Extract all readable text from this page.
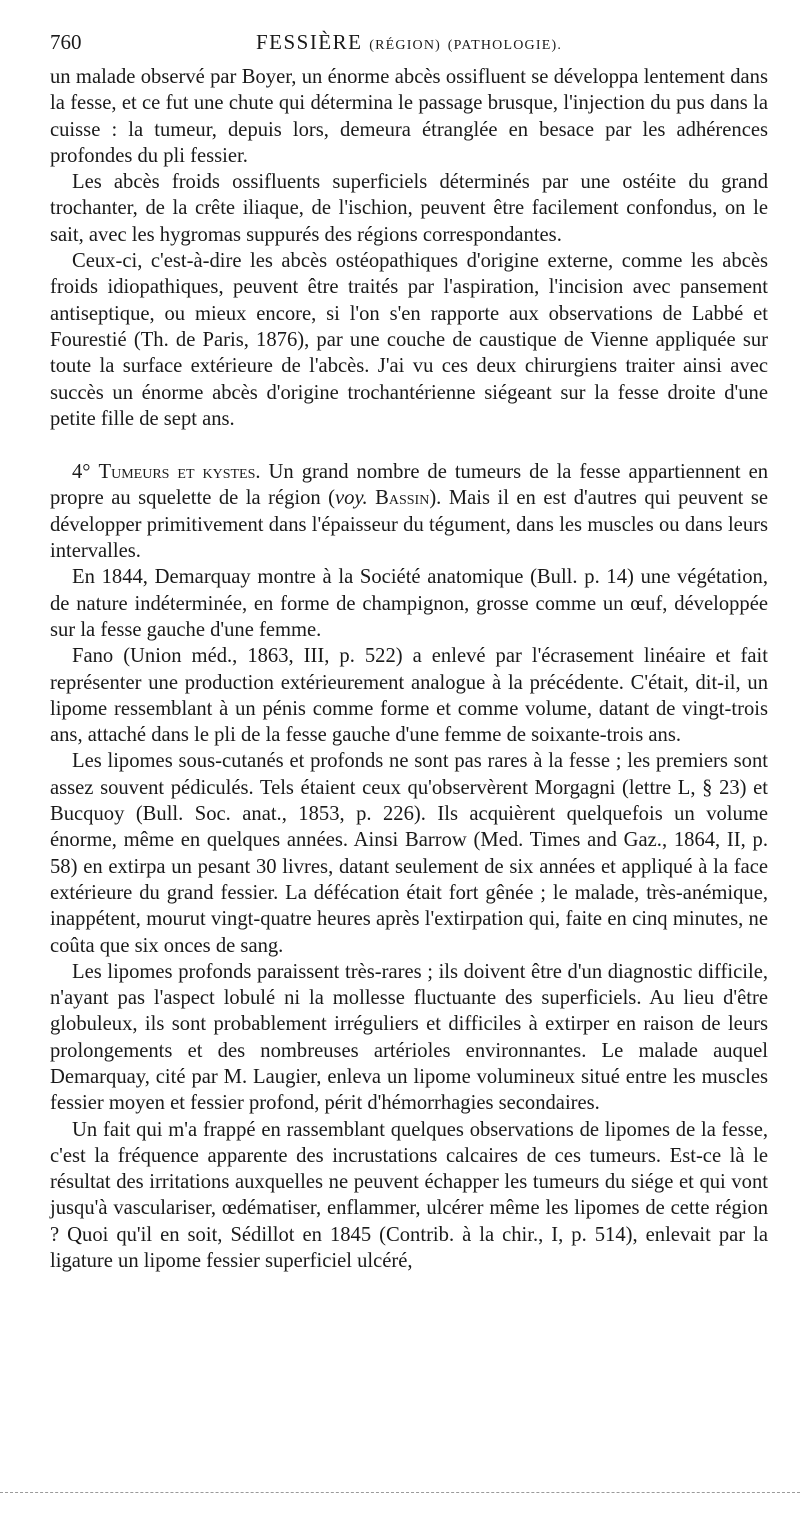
760	FESSIÈRE (RÉGION) (PATHOLOGIE).

un malade observé par Boyer, un énorme abcès ossifluent se développa lentement dans la fesse, et ce fut une chute qui détermina le passage brusque, l'injection du pus dans la cuisse : la tumeur, depuis lors, demeura étranglée en besace par les adhérences profondes du pli fessier.

Les abcès froids ossifluents superficiels déterminés par une ostéite du grand trochanter, de la crête iliaque, de l'ischion, peuvent être facilement confondus, on le sait, avec les hygromas suppurés des régions correspondantes.

Ceux-ci, c'est-à-dire les abcès ostéopathiques d'origine externe, comme les abcès froids idiopathiques, peuvent être traités par l'aspiration, l'incision avec pansement antiseptique, ou mieux encore, si l'on s'en rapporte aux observations de Labbé et Fourestié (Th. de Paris, 1876), par une couche de caustique de Vienne appliquée sur toute la surface extérieure de l'abcès. J'ai vu ces deux chirurgiens traiter ainsi avec succès un énorme abcès d'origine trochantérienne siégeant sur la fesse droite d'une petite fille de sept ans.

4° Tumeurs et kystes. Un grand nombre de tumeurs de la fesse appartiennent en propre au squelette de la région (voy. Bassin). Mais il en est d'autres qui peuvent se développer primitivement dans l'épaisseur du tégument, dans les muscles ou dans leurs intervalles.

En 1844, Demarquay montre à la Société anatomique (Bull. p. 14) une végétation, de nature indéterminée, en forme de champignon, grosse comme un œuf, développée sur la fesse gauche d'une femme.

Fano (Union méd., 1863, III, p. 522) a enlevé par l'écrasement linéaire et fait représenter une production extérieurement analogue à la précédente. C'était, dit-il, un lipome ressemblant à un pénis comme forme et comme volume, datant de vingt-trois ans, attaché dans le pli de la fesse gauche d'une femme de soixante-trois ans.

Les lipomes sous-cutanés et profonds ne sont pas rares à la fesse ; les premiers sont assez souvent pédiculés. Tels étaient ceux qu'observèrent Morgagni (lettre L, § 23) et Bucquoy (Bull. Soc. anat., 1853, p. 226). Ils acquièrent quelquefois un volume énorme, même en quelques années. Ainsi Barrow (Med. Times and Gaz., 1864, II, p. 58) en extirpa un pesant 30 livres, datant seulement de six années et appliqué à la face extérieure du grand fessier. La défécation était fort gênée ; le malade, très-anémique, inappétent, mourut vingt-quatre heures après l'extirpation qui, faite en cinq minutes, ne coûta que six onces de sang.

Les lipomes profonds paraissent très-rares ; ils doivent être d'un diagnostic difficile, n'ayant pas l'aspect lobulé ni la mollesse fluctuante des superficiels. Au lieu d'être globuleux, ils sont probablement irréguliers et difficiles à extirper en raison de leurs prolongements et des nombreuses artérioles environnantes. Le malade auquel Demarquay, cité par M. Laugier, enleva un lipome volumineux situé entre les muscles fessier moyen et fessier profond, périt d'hémorrhagies secondaires.

Un fait qui m'a frappé en rassemblant quelques observations de lipomes de la fesse, c'est la fréquence apparente des incrustations calcaires de ces tumeurs. Est-ce là le résultat des irritations auxquelles ne peuvent échapper les tumeurs du siége et qui vont jusqu'à vasculariser, œdématiser, enflammer, ulcérer même les lipomes de cette région ? Quoi qu'il en soit, Sédillot en 1845 (Contrib. à la chir., I, p. 514), enlevait par la ligature un lipome fessier superficiel ulcéré,
